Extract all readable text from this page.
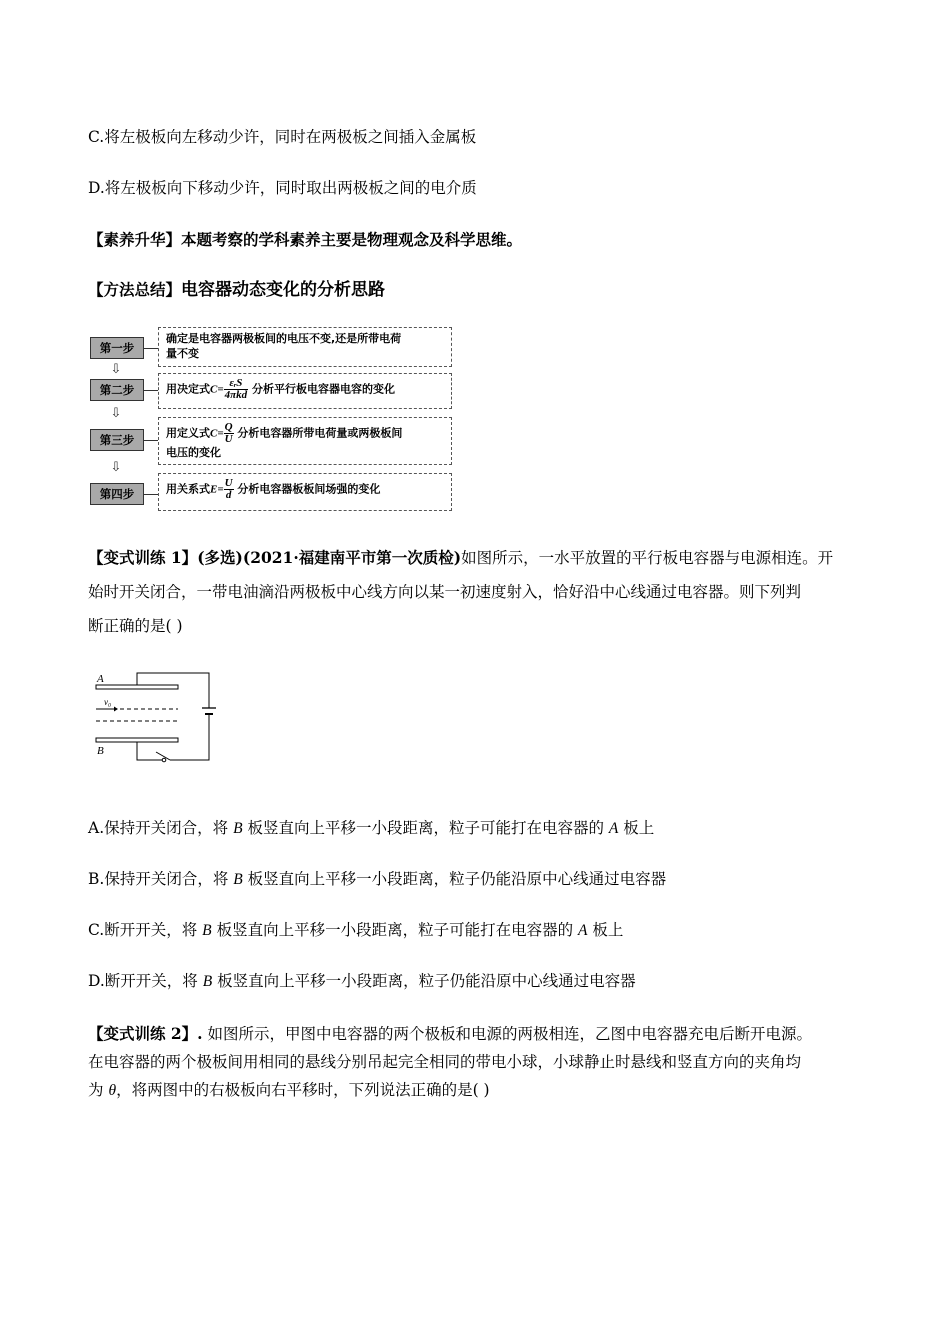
C.将左极板向左移动少许，同时在两极板之间插入金属板
D.将左极板向下移动少许，同时取出两极板之间的电介质
【素养升华】本题考察的学科素养主要是物理观念及科学思维。
【方法总结】电容器动态变化的分析思路
第一步
确定是电容器两极板间的电压不变,还是所带电荷
量不变
⇩
第二步	用决定式$C= \frac{\text{εᵣS}}{\text{4πkd}}$ 分析平行板电容器电容的变化
⇩
第三步	用定义式$C= \frac{Q}{U}$ 分析电容器所带电荷量或两极板间
电压的变化
⇩
第四步	用关系式$E= \frac{U}{d}$ 分析电容器板板间场强的变化
【变式训练 1】(多选)(2021·福建南平市第一次质检)如图所示，一水平放置的平行板电容器与电源相连。开
始时开关闭合，一带电油滴沿两极板中心线方向以某一初速度射入，恰好沿中心线通过电容器。则下列判
断正确的是( )
A
v₀
B
A.保持开关闭合，将 B 板竖直向上平移一小段距离，粒子可能打在电容器的 A 板上
B.保持开关闭合，将 B 板竖直向上平移一小段距离，粒子仍能沿原中心线通过电容器
C.断开开关，将 B 板竖直向上平移一小段距离，粒子可能打在电容器的 A 板上
D.断开开关，将 B 板竖直向上平移一小段距离，粒子仍能沿原中心线通过电容器
【变式训练 2】. 如图所示，甲图中电容器的两个极板和电源的两极相连，乙图中电容器充电后断开电源。
在电容器的两个极板间用相同的悬线分别吊起完全相同的带电小球，小球静止时悬线和竖直方向的夹角均
为 θ，将两图中的右极板向右平移时，下列说法正确的是( )
